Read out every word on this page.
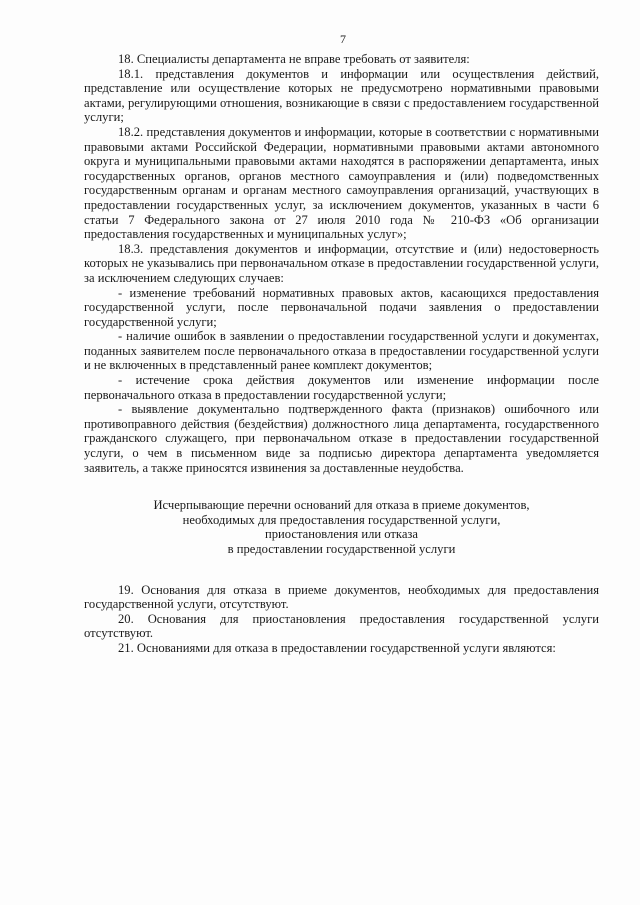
7

18. Специалисты департамента не вправе требовать от заявителя:

18.1. представления документов и информации или осуществления действий, представление или осуществление которых не предусмотрено нормативными правовыми актами, регулирующими отношения, возникающие в связи с предоставлением государственной услуги;

18.2. представления документов и информации, которые в соответствии с нормативными правовыми актами Российской Федерации, нормативными правовыми актами автономного округа и муниципальными правовыми актами находятся в распоряжении департамента, иных государственных органов, органов местного самоуправления и (или) подведомственных государственным органам и органам местного самоуправления организаций, участвующих в предоставлении государственных услуг, за исключением документов, указанных в части 6 статьи 7 Федерального закона от 27 июля 2010 года № 210-ФЗ «Об организации предоставления государственных и муниципальных услуг»;

18.3. представления документов и информации, отсутствие и (или) недостоверность которых не указывались при первоначальном отказе в предоставлении государственной услуги, за исключением следующих случаев:

- изменение требований нормативных правовых актов, касающихся предоставления государственной услуги, после первоначальной подачи заявления о предоставлении государственной услуги;

- наличие ошибок в заявлении о предоставлении государственной услуги и документах, поданных заявителем после первоначального отказа в предоставлении государственной услуги и не включенных в представленный ранее комплект документов;

- истечение срока действия документов или изменение информации после первоначального отказа в предоставлении государственной услуги;

- выявление документально подтвержденного факта (признаков) ошибочного или противоправного действия (бездействия) должностного лица департамента, государственного гражданского служащего, при первоначальном отказе в предоставлении государственной услуги, о чем в письменном виде за подписью директора департамента уведомляется заявитель, а также приносятся извинения за доставленные неудобства.

Исчерпывающие перечни оснований для отказа в приеме документов,
необходимых для предоставления государственной услуги,
приостановления или отказа
в предоставлении государственной услуги

19. Основания для отказа в приеме документов, необходимых для предоставления государственной услуги, отсутствуют.

20. Основания для приостановления предоставления государственной услуги отсутствуют.

21. Основаниями для отказа в предоставлении государственной услуги являются:
